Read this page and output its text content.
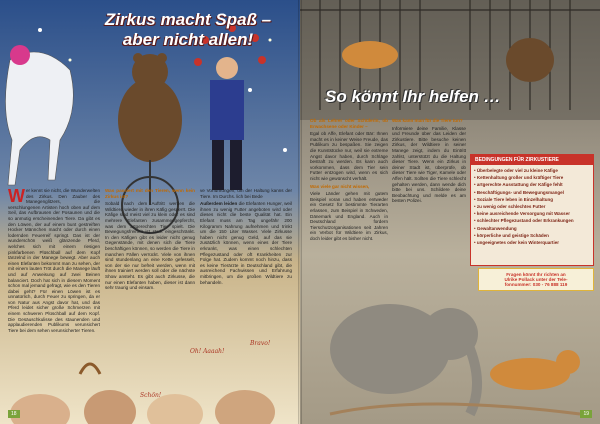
Zirkus macht Spaß –
aber nicht allen!

Wer kennt sie nicht, die Wunderwelten des Zirkus. Den Zauber des Manegenglitzers, die verschlungenen Artisten hoch oben auf dem Seil, das Aufbrausen der Posaunen und die so anmutig erscheinenden Tiere. Da gibt es den Löwen, der auf einem bunt gestreiften Hocker Männchen macht oder durch einen lodernden Feuerreif springt. Das ist der wunderschön weiß glänzende Pferd, welches sich mit einem riesigen pinkfarbenen Plüschball auf dem Kopf tänzelnd in der Manege bewegt. Aber auch einen Elefanten bekommt man zu sehen, der mit einem lauten Tröt durch die Manege läuft und auf Anweisung auf zwei Beinen balanciert. Doch hat sich in diesem Moment schon mal jemand gefragt, wie es den Tieren dabei geht? Für einen Löwen ist es unnatürlich, durch Feuer zu springen, da er von Natur aus Angst davor hat, und das Pferd leidet sicher große Schmerzen mit einem schweren Plüschball auf dem Kopf. Die Gesäuschkulisse des staunenden und applaudierenden Publikums verunsichert Tiere bei dem sehen verunsicherter Tieren.

Was passiert mit den Tieren, wenn kein Zirkus ist?

Sobald nach dem Auftritt werden die Wildtiere wieder in ihren Käfig gesperrt. Die Käfige sind meist viel zu klein oder es sind mehrere Elefanten zusammengepfercht, was dem artgerechten Tier spielt. Die Bewegungsfreiheit ist stark eingeschränkt. In den Käfigen gibt es leider nicht genug Gegenstände, mit denen sich die Tiere beschäftigen können, so werden die Tiere in manchen Fällen verrückt. Viele von ihnen sind stundenlang an eine Kette gefesselt, von der sie nur befreit werden, wenn mit ihnen trainiert werden soll oder die nächste Show ansteht. Es gibt auch Zirkusse, die nur einen Elefanten haben, dieser ist dann sehr traurig und einsam.

ve Vorführungen, um der Haltung kanns der Tiere. Im Durchs. lich bei Bede

Außerdem leiden die Elefanten Hunger, weil ihnen zu wenig Futter angeboten wird oder dieses nicht die beste Qualität hat. Ein Elefant muss am Tag ungefähr 200 Kilogramm Nahrung aufnehmen und trinkt um die 150 Liter Wasser. Viele Zirkusse haben nicht genug Geld, auf das sie zusätzlich können, wenn eines der Tiere erkrankt, was einen schlechten Pflegezustand oder oft Krankheiten zur Folge hat. Zudem kommt noch hinzu, dass es keine Tierärzte in Deutschland gibt, die ausreichend Fachwissen und Erfahrung mitbringen, um die großen Wildtiere zu behandeln.

Oh! Aaaah!
Bravo!
Schön!
18
So könnt Ihr helfen …

Ob als Lehrer oder Schülerin, ob Erwachsene oder Kinder –

Egal ob Affe, Elefant oder Bär: Ihnen macht es in keiner Weise Freude, das Publikum zu bespaßen. Sie zeigen die Kunststücke nur, weil sie extreme Angst davor haben, durch Schläge bestraft zu werden. Es kann auch vorkommen, dass dem Tier sein Futter entzogen wird, wenn es sich nicht wie gewünscht verhält.

Was viele gar nicht wissen,

Viele Länder gehen mit gutem Beispiel voran und haben entweder ein Gesetz für bestimmte Tierarten erlassen, zum Beispiel in Schweden, Dänemark und England. Auch in Deutschland fordern Tierschutzorganisationen seit Jahren ein Verbot für Wildtiere im Zirkus, doch leider gibt es bisher nicht.

Was kann man für die Tiere tun?

Informiere deine Familie, Klasse und Freunde über das Leiden der Zirkustiere. Bitte besuche keinen Zirkus, der Wildtiere in seiner Manege zeigt, indem du Eintritt zahlst, unterstützt du die Haltung dieser Tiere. Wenn ein Zirkus in deiner Stadt ist, überprüfe, ob dieser Tiere wie Tiger, Kamele oder Affen hält. Sollten die Tiere schlecht gehalten werden, dann wende dich bitte bei uns. Schildere deine Beobachtung und melde es am besten Polizei.

BEDINGUNGEN FÜR ZIRKUSTIERE
• Überbelegte oder viel zu kleine Käfige
• Kettenhaltung großer und kräftiger Tiere
• artgerechte Ausstattung der Käfige fehlt
• Beschäftigungs- und Bewegungsmangel
• Soziale Tiere leben in Einzelhaltung
• zu wenig oder schlechtes Futter
• keine ausreichende Versorgung mit Wasser
• schlechter Pflegezustand oder Erkrankungen
• Gewaltanwendung
• körperliche und geistige Schäden
• ungeeignetes oder kein Winterquartier
Fragen könnt Ihr richten an
Ulrike Pollack unter der Tele-
fonnummer: 030 - 76 888 119
19
